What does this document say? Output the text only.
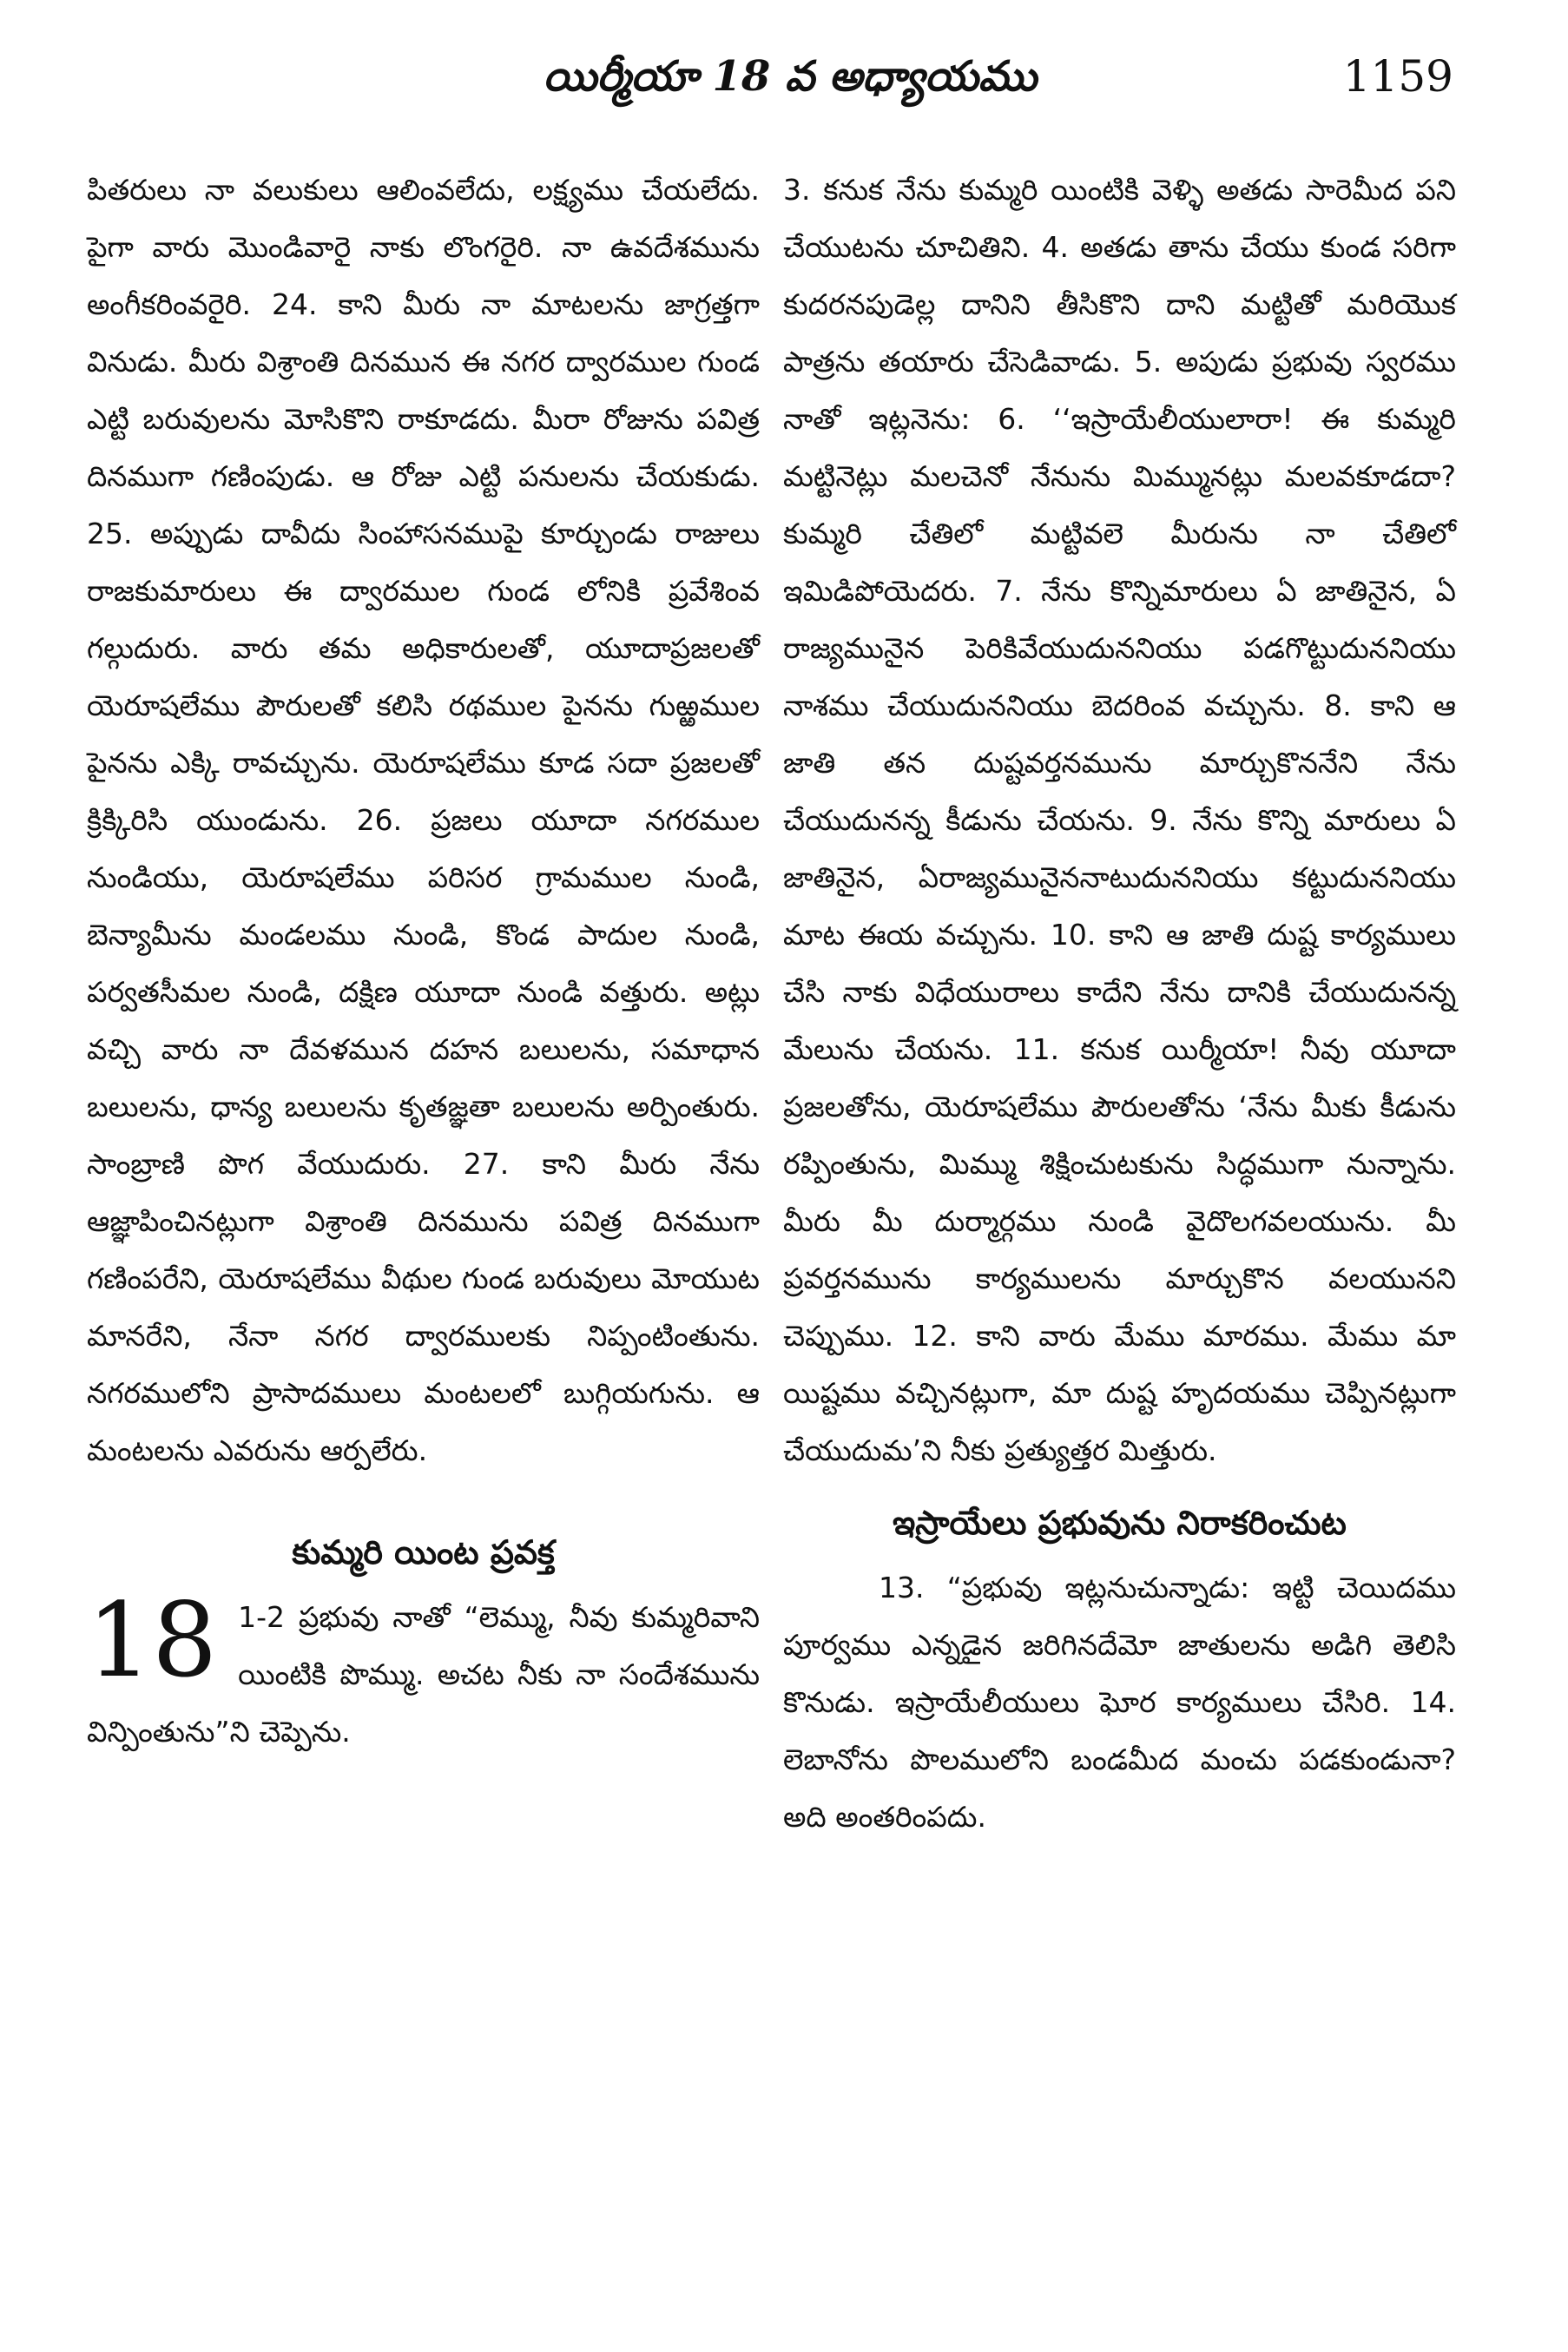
యిర్మీయా 18 వ అధ్యాయము	1159

పితరులు నా వలుకులు ఆలింవలేదు, లక్ష్యము చేయలేదు. పైగా వారు మొండివారై నాకు లొంగరైరి. నా ఉవదేశమును అంగీకరింవరైరి. 24. కాని మీరు నా మాటలను జాగ్రత్తగా వినుడు. మీరు విశ్రాంతి దినమున ఈ నగర ద్వారముల గుండ ఎట్టి బరువులను మోసికొని రాకూడదు. మీరా రోజును పవిత్ర దినముగా గణింపుడు. ఆ రోజు ఎట్టి పనులను చేయకుడు. 25. అప్పుడు దావీదు సింహాసనముపై కూర్చుండు రాజులు రాజకుమారులు ఈ ద్వారముల గుండ లోనికి ప్రవేశింవ గల్గుదురు. వారు తమ అధికారులతో, యూదాప్రజలతో యెరూషలేము పౌరులతో కలిసి రథముల పైనను గుఱ్ఱముల పైనను ఎక్కి రావచ్చును. యెరూషలేము కూడ సదా ప్రజలతో క్రిక్కిరిసి యుండును. 26. ప్రజలు యూదా నగరముల నుండియు, యెరూషలేము పరిసర గ్రామముల నుండి, బెన్యామీను మండలము నుండి, కొండ పాదుల నుండి, పర్వతసీమల నుండి, దక్షిణ యూదా నుండి వత్తురు. అట్లు వచ్చి వారు నా దేవళమున దహన బలులను, సమాధాన బలులను, ధాన్య బలులను కృతజ్ఞతా బలులను అర్పింతురు. సాంబ్రాణి పొగ వేయుదురు. 27. కాని మీరు నేను ఆజ్ఞాపించినట్లుగా విశ్రాంతి దినమును పవిత్ర దినముగా గణింపరేని, యెరూషలేము వీథుల గుండ బరువులు మోయుట మానరేని, నేనా నగర ద్వారములకు నిప్పంటింతును. నగరములోని ప్రాసాదములు మంటలలో బుగ్గియగును. ఆ మంటలను ఎవరును ఆర్పలేరు.

కుమ్మరి యింట ప్రవక్త
18 1-2 ప్రభువు నాతో “లెమ్ము, నీవు కుమ్మరివాని యింటికి పొమ్ము. అచట నీకు నా సందేశమును విన్పింతును”ని చెప్పెను.

3. కనుక నేను కుమ్మరి యింటికి వెళ్ళి అతడు సారెమీద పని చేయుటను చూచితిని. 4. అతడు తాను చేయు కుండ సరిగా కుదరనపుడెల్ల దానిని తీసికొని దాని మట్టితో మరియొక పాత్రను తయారు చేసెడివాడు. 5. అపుడు ప్రభువు స్వరము నాతో ఇట్లనెను: 6. ‘‘ఇస్రాయేలీయులారా! ఈ కుమ్మరి మట్టినెట్లు మలచెనో నేనును మిమ్మునట్లు మలవకూడదా? కుమ్మరి చేతిలో మట్టివలె మీరును నా చేతిలో ఇమిడిపోయెదరు. 7. నేను కొన్నిమారులు ఏ జాతినైన, ఏ రాజ్యమునైన పెరికివేయుదుననియు పడగొట్టుదుననియు నాశము చేయుదుననియు బెదరింవ వచ్చును. 8. కాని ఆ జాతి తన దుష్టవర్తనమును మార్చుకొననేని నేను చేయుదునన్న కీడును చేయను. 9. నేను కొన్ని మారులు ఏ జాతినైన, ఏరాజ్యమునైననాటుదుననియు కట్టుదుననియు మాట ఈయ వచ్చును. 10. కాని ఆ జాతి దుష్ట కార్యములు చేసి నాకు విధేయురాలు కాదేని నేను దానికి చేయుదునన్న మేలును చేయను. 11. కనుక యిర్మీయా! నీవు యూదా ప్రజలతోను, యెరూషలేము పౌరులతోను ‘నేను మీకు కీడును రప్పింతును, మిమ్ము శిక్షించుటకును సిద్ధముగా నున్నాను. మీరు మీ దుర్మార్గము నుండి వైదొలగవలయును. మీ ప్రవర్తనమును కార్యములను మార్చుకొన వలయునని చెప్పుము. 12. కాని వారు మేము మారము. మేము మా యిష్టము వచ్చినట్లుగా, మా దుష్ట హృదయము చెప్పినట్లుగా చేయుదుమ’ని నీకు ప్రత్యుత్తర మిత్తురు.

ఇస్రాయేలు ప్రభువును నిరాకరించుట

13. “ప్రభువు ఇట్లనుచున్నాడు: ఇట్టి చెయిదము పూర్వము ఎన్నడైన జరిగినదేమో జాతులను అడిగి తెలిసి కొనుడు. ఇస్రాయేలీయులు ఘోర కార్యములు చేసిరి. 14. లెబానోను పొలములోని బండమీద మంచు పడకుండునా? అది అంతరింపదు.
